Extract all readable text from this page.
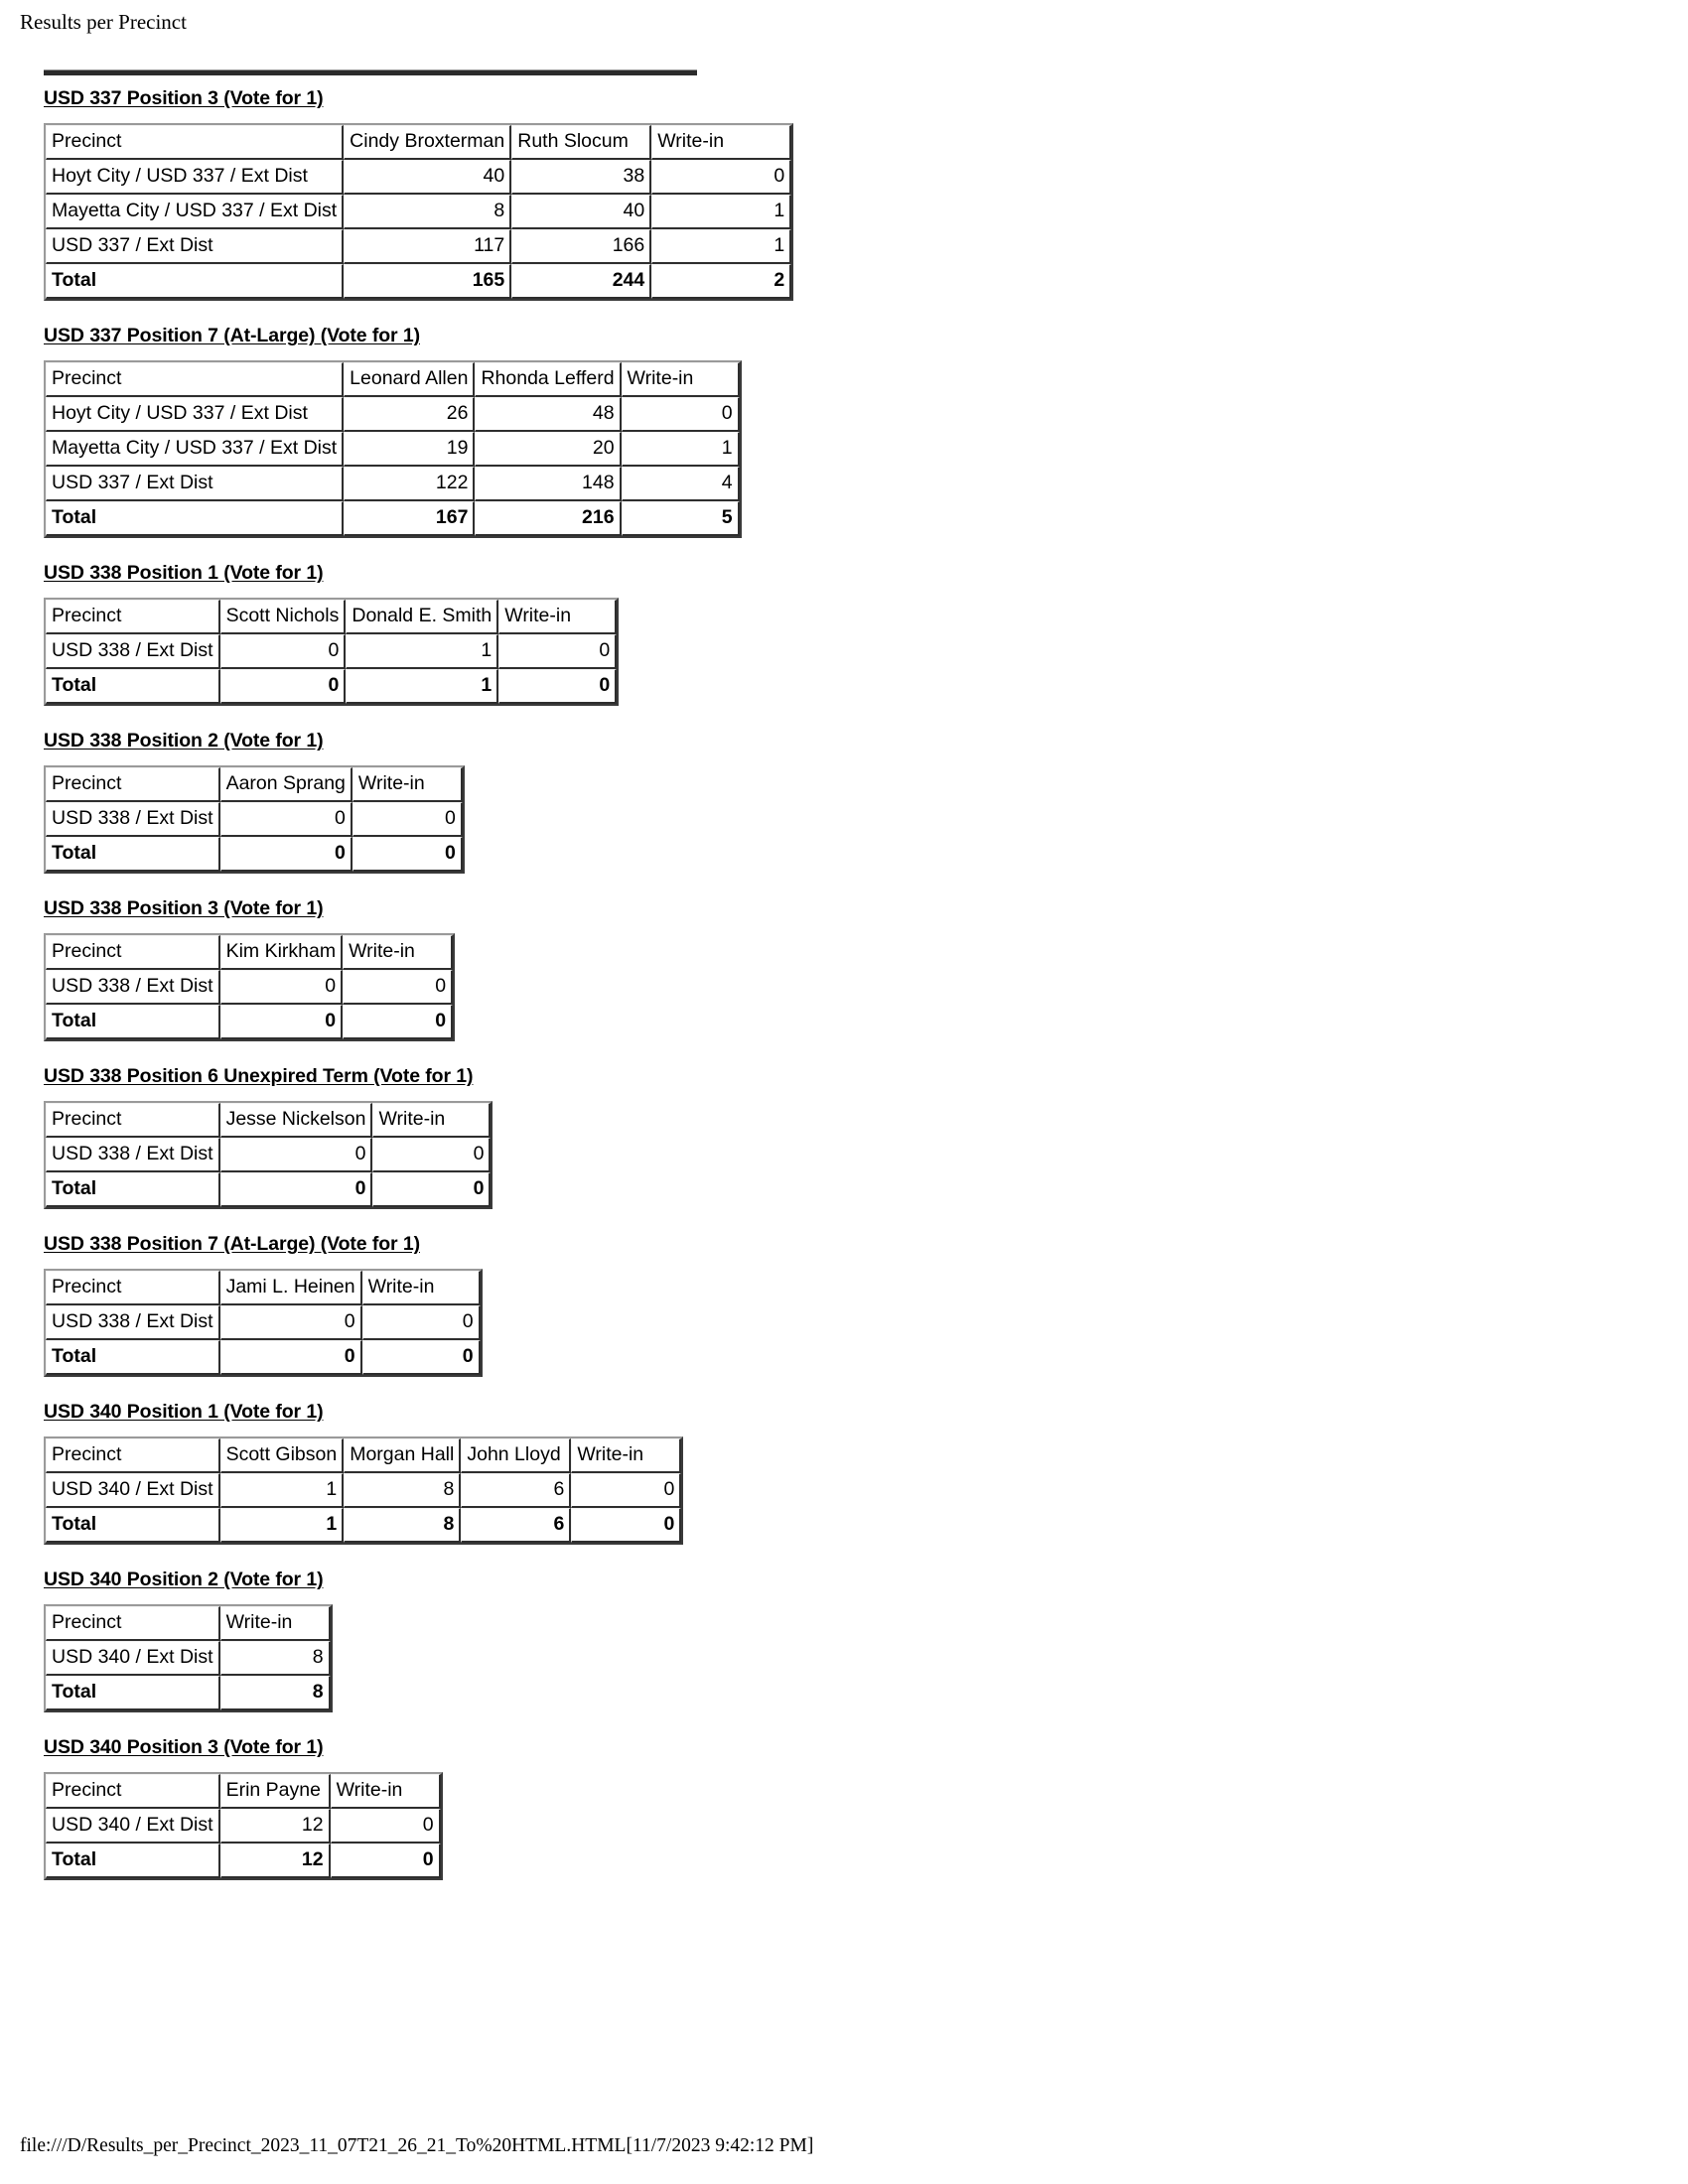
Results per Precinct
USD 337 Position 3 (Vote for 1)
Precinct	Cindy Broxterman	Ruth Slocum	Write-in
Hoyt City / USD 337 / Ext Dist	40	38	0
Mayetta City / USD 337 / Ext Dist	8	40	1
USD 337 / Ext Dist	117	166	1
Total	165	244	2
USD 337 Position 7 (At-Large) (Vote for 1)
Precinct	Leonard Allen	Rhonda Lefferd	Write-in
Hoyt City / USD 337 / Ext Dist	26	48	0
Mayetta City / USD 337 / Ext Dist	19	20	1
USD 337 / Ext Dist	122	148	4
Total	167	216	5
USD 338 Position 1 (Vote for 1)
Precinct	Scott Nichols	Donald E. Smith	Write-in
USD 338 / Ext Dist	0	1	0
Total	0	1	0
USD 338 Position 2 (Vote for 1)
Precinct	Aaron Sprang	Write-in
USD 338 / Ext Dist	0	0
Total	0	0
USD 338 Position 3 (Vote for 1)
Precinct	Kim Kirkham	Write-in
USD 338 / Ext Dist	0	0
Total	0	0
USD 338 Position 6 Unexpired Term (Vote for 1)
Precinct	Jesse Nickelson	Write-in
USD 338 / Ext Dist	0	0
Total	0	0
USD 338 Position 7 (At-Large) (Vote for 1)
Precinct	Jami L. Heinen	Write-in
USD 338 / Ext Dist	0	0
Total	0	0
USD 340 Position 1 (Vote for 1)
Precinct	Scott Gibson	Morgan Hall	John Lloyd	Write-in
USD 340 / Ext Dist	1	8	6	0
Total	1	8	6	0
USD 340 Position 2 (Vote for 1)
Precinct	Write-in
USD 340 / Ext Dist	8
Total	8
USD 340 Position 3 (Vote for 1)
Precinct	Erin Payne	Write-in
USD 340 / Ext Dist	12	0
Total	12	0
file:///D/Results_per_Precinct_2023_11_07T21_26_21_To%20HTML.HTML[11/7/2023 9:42:12 PM]
